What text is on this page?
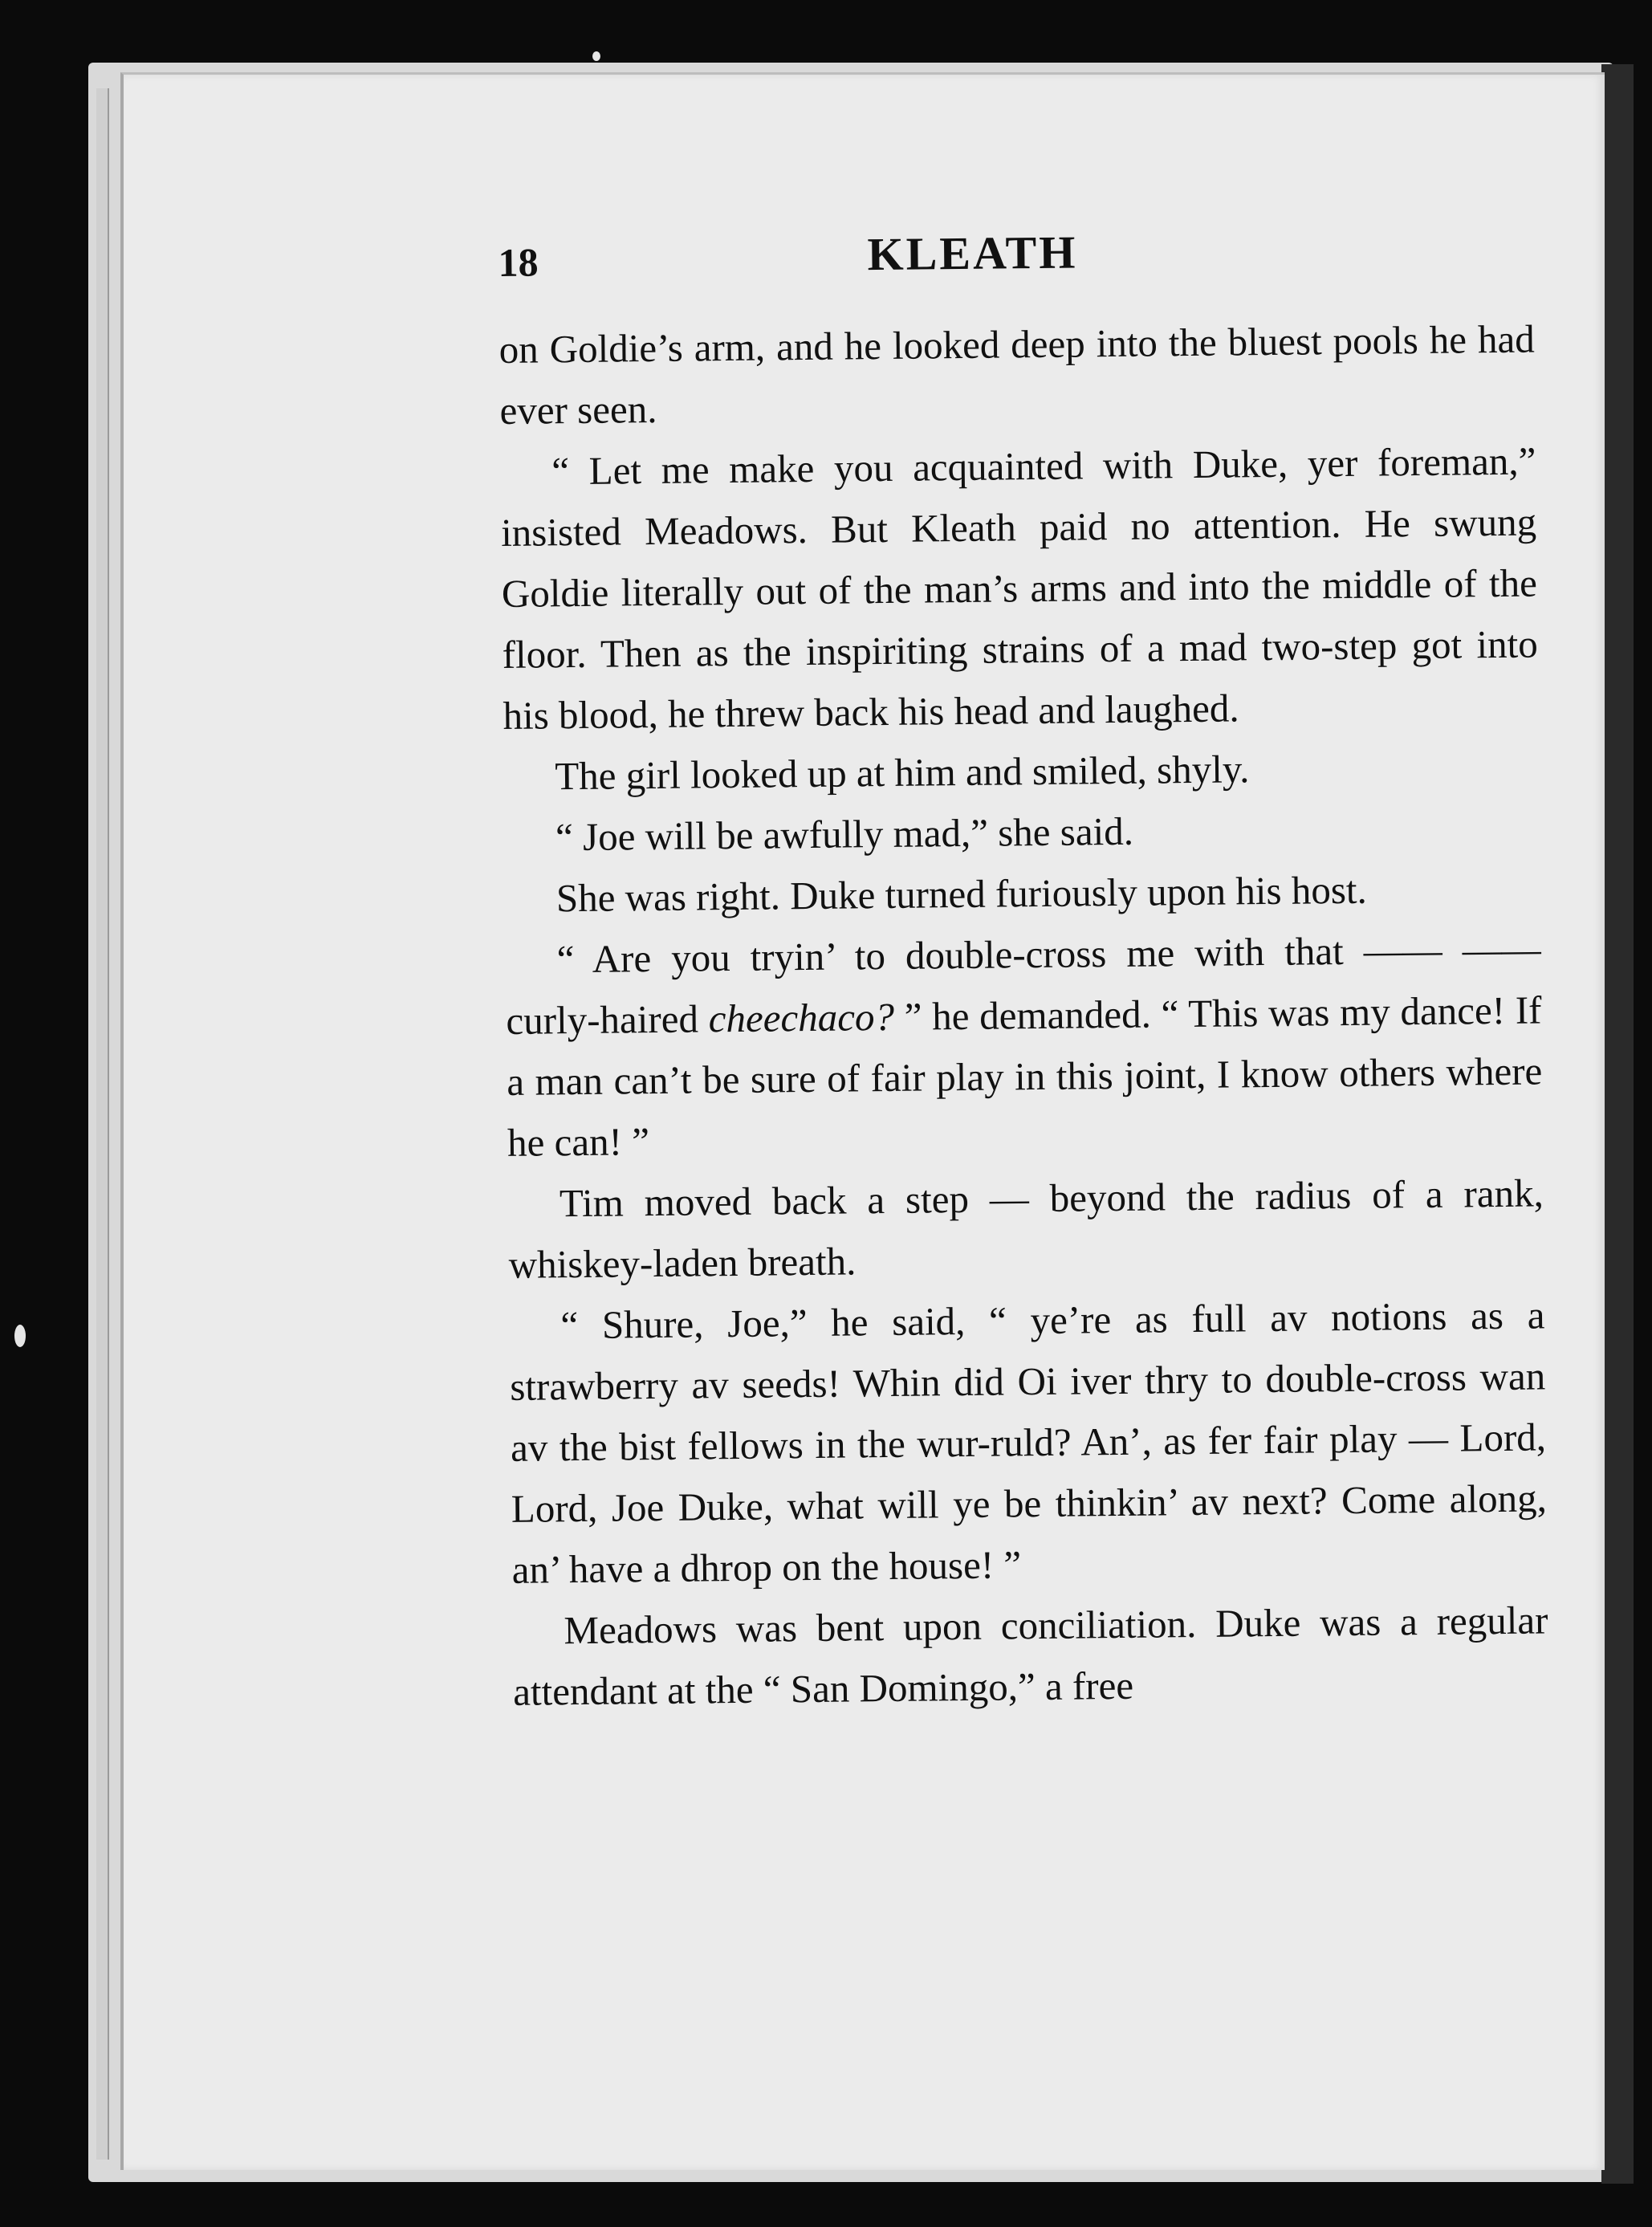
18	KLEATH

on Goldie’s arm, and he looked deep into the bluest pools he had ever seen.

“ Let me make you acquainted with Duke, yer foreman,” insisted Meadows. But Kleath paid no attention. He swung Goldie literally out of the man’s arms and into the middle of the floor. Then as the inspiriting strains of a mad two-step got into his blood, he threw back his head and laughed.

The girl looked up at him and smiled, shyly.

“ Joe will be awfully mad,” she said.

She was right. Duke turned furiously upon his host.

“ Are you tryin’ to double-cross me with that —— —— curly-haired cheechaco? ” he demanded. “ This was my dance! If a man can’t be sure of fair play in this joint, I know others where he can! ”

Tim moved back a step — beyond the radius of a rank, whiskey-laden breath.

“ Shure, Joe,” he said, “ ye’re as full av notions as a strawberry av seeds! Whin did Oi iver thry to double-cross wan av the bist fellows in the wur-ruld? An’, as fer fair play — Lord, Lord, Joe Duke, what will ye be thinkin’ av next? Come along, an’ have a dhrop on the house! ”

Meadows was bent upon conciliation. Duke was a regular attendant at the “ San Domingo,” a free
